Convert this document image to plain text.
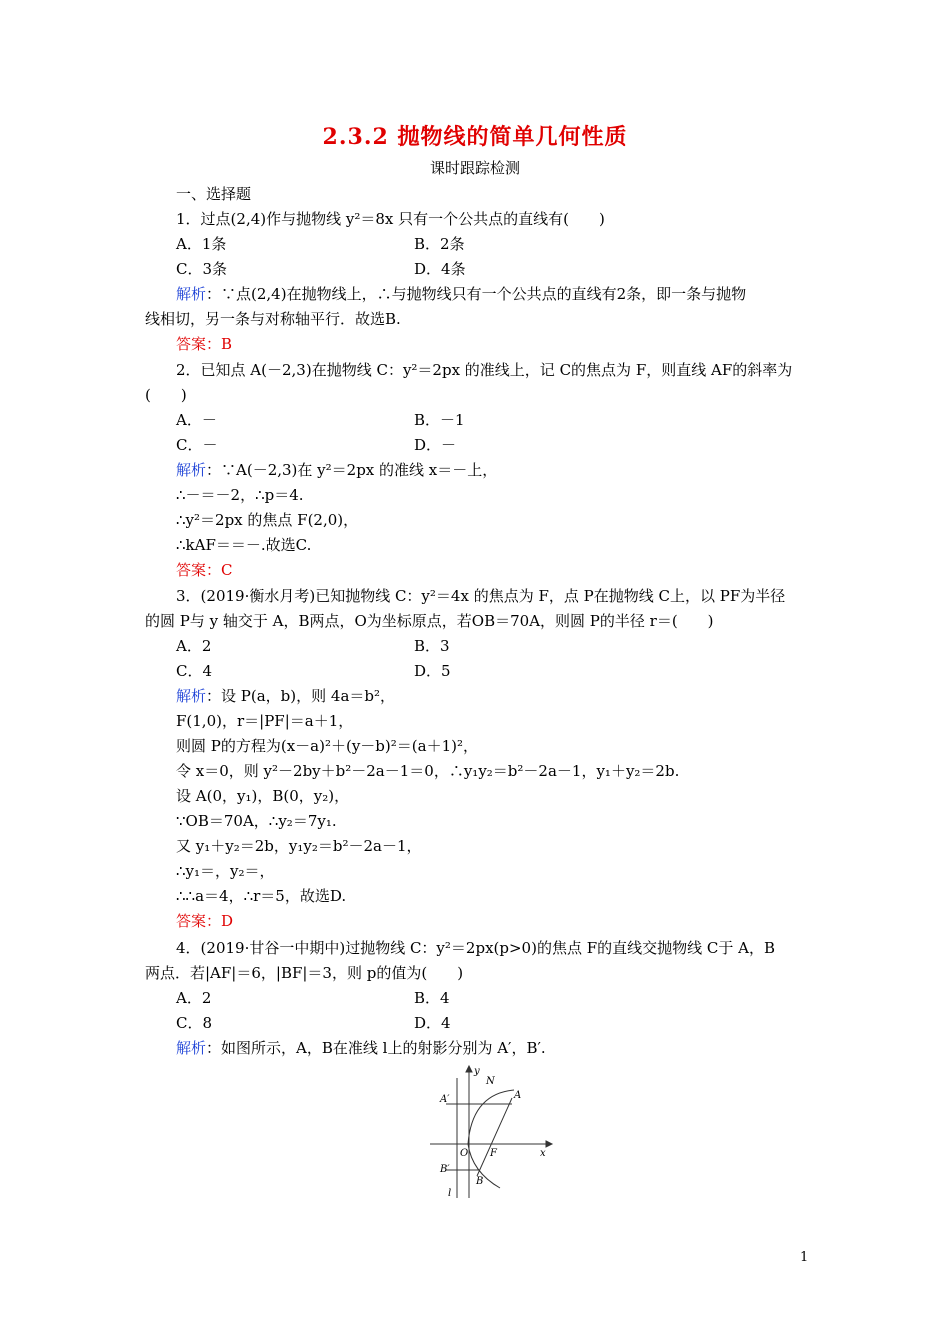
2.3.2 抛物线的简单几何性质
课时跟踪检测
一、选择题
1．过点(2,4)作与抛物线 y²＝8x 只有一个公共点的直线有(　　)
A．1条	B．2条
C．3条	D．4条
解析：∵点(2,4)在抛物线上，∴与抛物线只有一个公共点的直线有2条，即一条与抛物
线相切，另一条与对称轴平行．故选B.
答案：B
2．已知点 A(－2,3)在抛物线 C：y²＝2px 的准线上，记 C的焦点为 F，则直线 AF的斜率为
(　　)
A．－	B．－1
C．－	D．－
解析：∵A(－2,3)在 y²＝2px 的准线 x＝－上，
∴－＝－2，∴p＝4.
∴y²＝2px 的焦点 F(2,0)，
∴kAF＝＝－.故选C.
答案：C
3．(2019·衡水月考)已知抛物线 C：y²＝4x 的焦点为 F，点 P在抛物线 C上，以 PF为半径
的圆 P与 y 轴交于 A，B两点，O为坐标原点，若OB＝70A，则圆 P的半径 r＝(　　)
A．2	B．3
C．4	D．5
解析：设 P(a，b)，则 4a＝b²，
F(1,0)，r＝|PF|＝a＋1，
则圆 P的方程为(x－a)²＋(y－b)²＝(a＋1)²，
令 x＝0，则 y²－2by＋b²－2a－1＝0，∴y₁y₂＝b²－2a－1，y₁＋y₂＝2b.
设 A(0，y₁)，B(0，y₂)，
∵OB＝70A，∴y₂＝7y₁.
又 y₁＋y₂＝2b，y₁y₂＝b²－2a－1，
∴y₁＝，y₂＝，
∴∴a＝4，∴r＝5，故选D.
答案：D
4．(2019·甘谷一中期中)过抛物线 C：y²＝2px(p>0)的焦点 F的直线交抛物线 C于 A，B
两点．若|AF|＝6，|BF|＝3，则 p的值为(　　)
A．2	B．4
C．8	D．4
解析：如图所示，A，B在准线 l上的射影分别为 A′，B′.
y
N
A
A′
O F	x
B′
B
l
1
